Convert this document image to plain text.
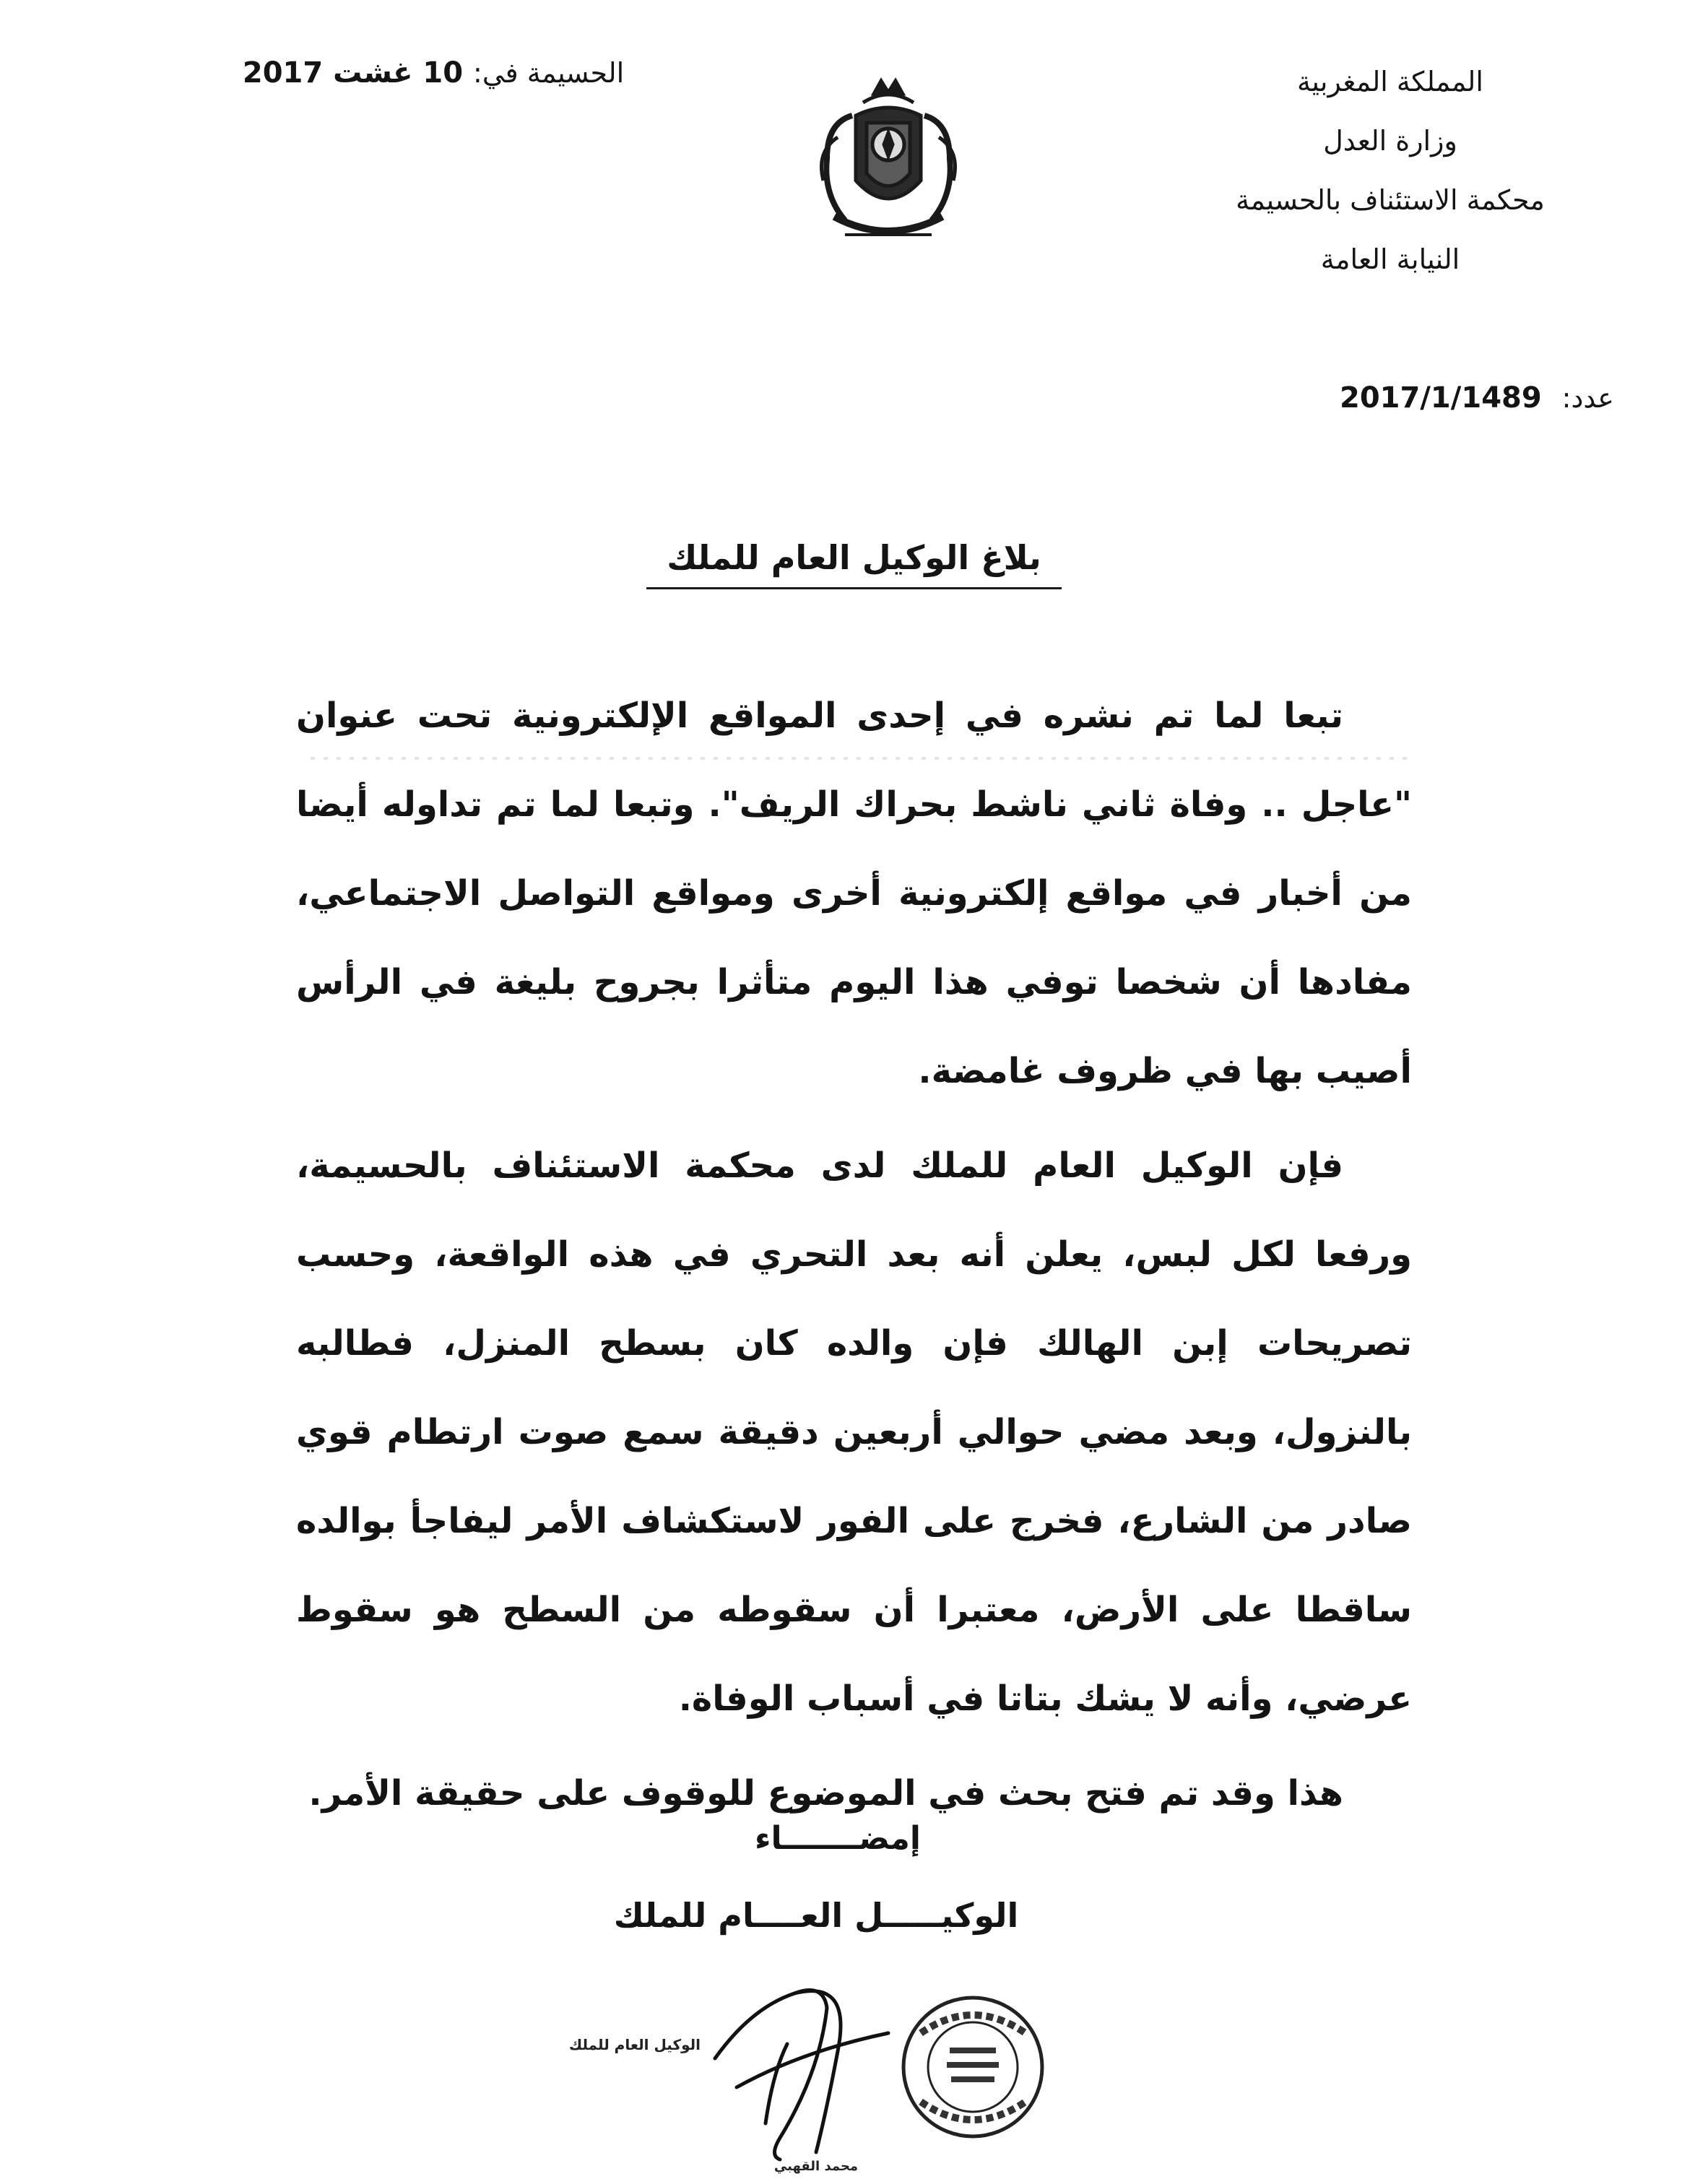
المملكة المغربية
وزارة العدل
محكمة الاستئناف بالحسيمة
النيابة العامة
الحسيمة في: 10 غشت 2017
عدد: 2017/1/1489
بلاغ الوكيل العام للملك

تبعا لما تم نشره في إحدى المواقع الإلكترونية تحت عنوان "عاجل .. وفاة ثاني ناشط بحراك الريف". وتبعا لما تم تداوله أيضا من أخبار في مواقع إلكترونية أخرى ومواقع التواصل الاجتماعي، مفادها أن شخصا توفي هذا اليوم متأثرا بجروح بليغة في الرأس أصيب بها في ظروف غامضة.

فإن الوكيل العام للملك لدى محكمة الاستئناف بالحسيمة، ورفعا لكل لبس، يعلن أنه بعد التحري في هذه الواقعة، وحسب تصريحات إبن الهالك فإن والده كان بسطح المنزل، فطالبه بالنزول، وبعد مضي حوالي أربعين دقيقة سمع صوت ارتطام قوي صادر من الشارع، فخرج على الفور لاستكشاف الأمر ليفاجأ بوالده ساقطا على الأرض، معتبرا أن سقوطه من السطح هو سقوط عرضي، وأنه لا يشك بتاتا في أسباب الوفاة.

هذا وقد تم فتح بحث في الموضوع للوقوف على حقيقة الأمر.

إمضـــــــاء
الوكيـــــل العــــام للملك
الوكيل العام للملك
محمد القهبي
